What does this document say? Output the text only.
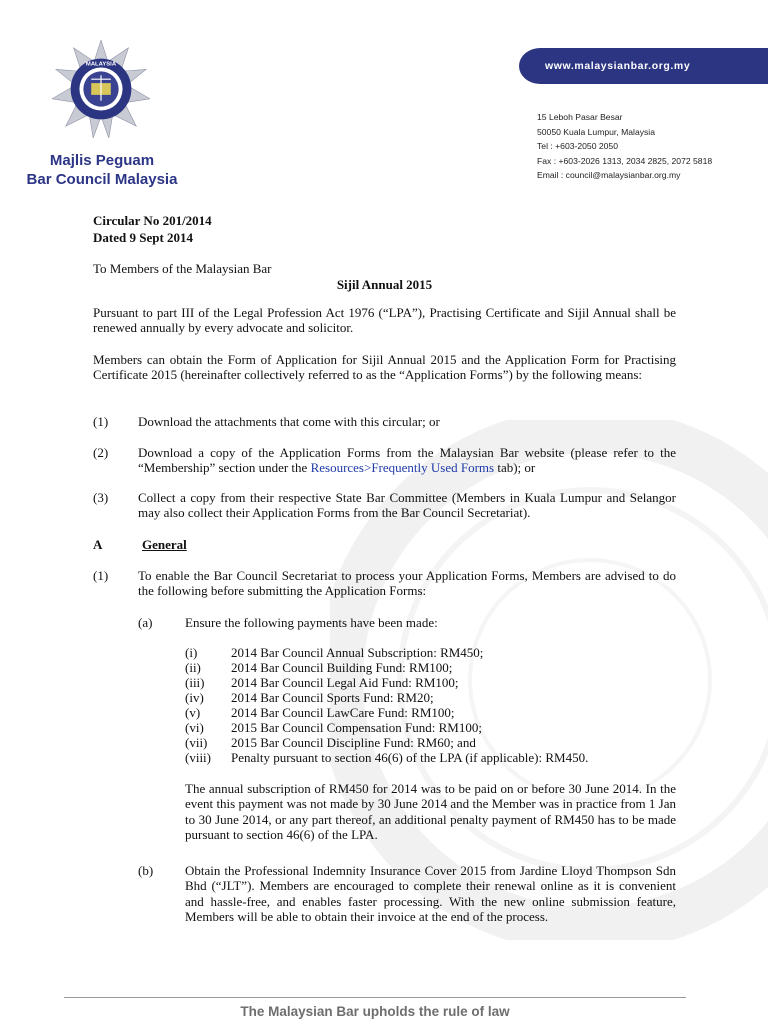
MALAYSIA
Majlis Peguam
Bar Council Malaysia
www.malaysianbar.org.my
15 Leboh Pasar Besar
50050 Kuala Lumpur, Malaysia
Tel : +603-2050 2050
Fax : +603-2026 1313, 2034 2825, 2072 5818
Email : council@malaysianbar.org.my
Circular No 201/2014
Dated 9 Sept 2014
To Members of the Malaysian Bar
Sijil Annual 2015
Pursuant to part III of the Legal Profession Act 1976 (“LPA”), Practising Certificate and Sijil Annual shall be renewed annually by every advocate and solicitor.
Members can obtain the Form of Application for Sijil Annual 2015 and the Application Form for Practising Certificate 2015 (hereinafter collectively referred to as the “Application Forms”) by the following means:
(1) Download the attachments that come with this circular; or
(2) Download a copy of the Application Forms from the Malaysian Bar website (please refer to the “Membership” section under the Resources>Frequently Used Forms tab); or
(3) Collect a copy from their respective State Bar Committee (Members in Kuala Lumpur and Selangor may also collect their Application Forms from the Bar Council Secretariat).
A	General
(1) To enable the Bar Council Secretariat to process your Application Forms, Members are advised to do the following before submitting the Application Forms:
(a)	Ensure the following payments have been made:
(i)	2014 Bar Council Annual Subscription: RM450;
(ii)	2014 Bar Council Building Fund: RM100;
(iii)	2014 Bar Council Legal Aid Fund: RM100;
(iv)	2014 Bar Council Sports Fund: RM20;
(v)	2014 Bar Council LawCare Fund: RM100;
(vi)	2015 Bar Council Compensation Fund: RM100;
(vii)	2015 Bar Council Discipline Fund: RM60; and
(viii)	Penalty pursuant to section 46(6) of the LPA (if applicable): RM450.
The annual subscription of RM450 for 2014 was to be paid on or before 30 June 2014. In the event this payment was not made by 30 June 2014 and the Member was in practice from 1 Jan to 30 June 2014, or any part thereof, an additional penalty payment of RM450 has to be made pursuant to section 46(6) of the LPA.
(b) Obtain the Professional Indemnity Insurance Cover 2015 from Jardine Lloyd Thompson Sdn Bhd (“JLT”). Members are encouraged to complete their renewal online as it is convenient and hassle-free, and enables faster processing. With the new online submission feature, Members will be able to obtain their invoice at the end of the process.
The Malaysian Bar upholds the rule of law
